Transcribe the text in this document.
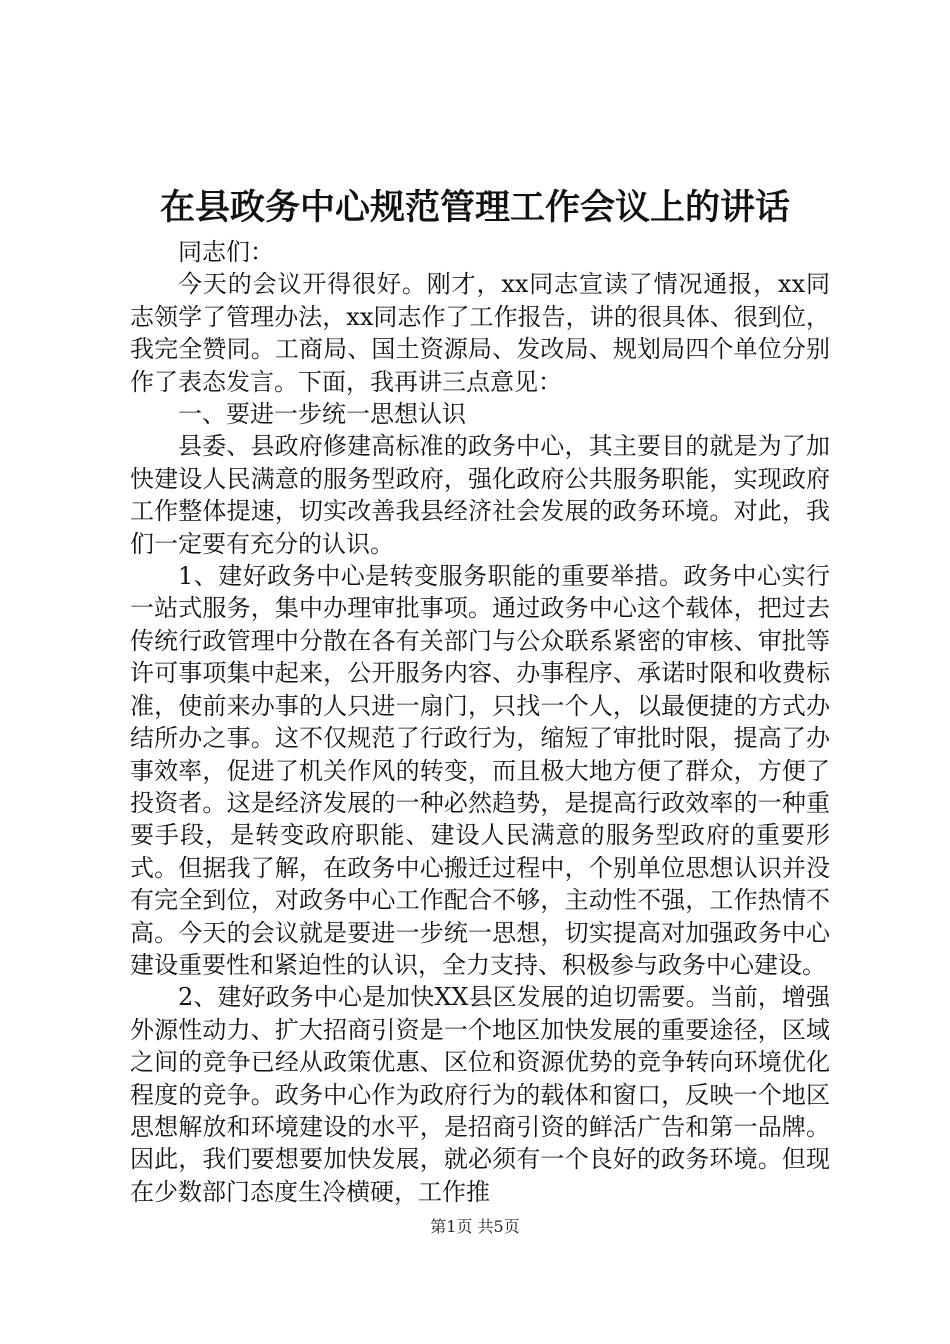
在县政务中心规范管理工作会议上的讲话

同志们：

今天的会议开得很好。刚才，xx同志宣读了情况通报，xx同志领学了管理办法，xx同志作了工作报告，讲的很具体、很到位，我完全赞同。工商局、国土资源局、发改局、规划局四个单位分别作了表态发言。下面，我再讲三点意见：

一、要进一步统一思想认识

县委、县政府修建高标准的政务中心，其主要目的就是为了加快建设人民满意的服务型政府，强化政府公共服务职能，实现政府工作整体提速，切实改善我县经济社会发展的政务环境。对此，我们一定要有充分的认识。

1、建好政务中心是转变服务职能的重要举措。政务中心实行一站式服务，集中办理审批事项。通过政务中心这个载体，把过去传统行政管理中分散在各有关部门与公众联系紧密的审核、审批等许可事项集中起来，公开服务内容、办事程序、承诺时限和收费标准，使前来办事的人只进一扇门，只找一个人，以最便捷的方式办结所办之事。这不仅规范了行政行为，缩短了审批时限，提高了办事效率，促进了机关作风的转变，而且极大地方便了群众，方便了投资者。这是经济发展的一种必然趋势，是提高行政效率的一种重要手段，是转变政府职能、建设人民满意的服务型政府的重要形式。但据我了解，在政务中心搬迁过程中，个别单位思想认识并没有完全到位，对政务中心工作配合不够，主动性不强，工作热情不高。今天的会议就是要进一步统一思想，切实提高对加强政务中心建设重要性和紧迫性的认识，全力支持、积极参与政务中心建设。

2、建好政务中心是加快XX县区发展的迫切需要。当前，增强外源性动力、扩大招商引资是一个地区加快发展的重要途径，区域之间的竞争已经从政策优惠、区位和资源优势的竞争转向环境优化程度的竞争。政务中心作为政府行为的载体和窗口，反映一个地区思想解放和环境建设的水平，是招商引资的鲜活广告和第一品牌。因此，我们要想要加快发展，就必须有一个良好的政务环境。但现在少数部门态度生冷横硬，工作推

第1页 共5页
